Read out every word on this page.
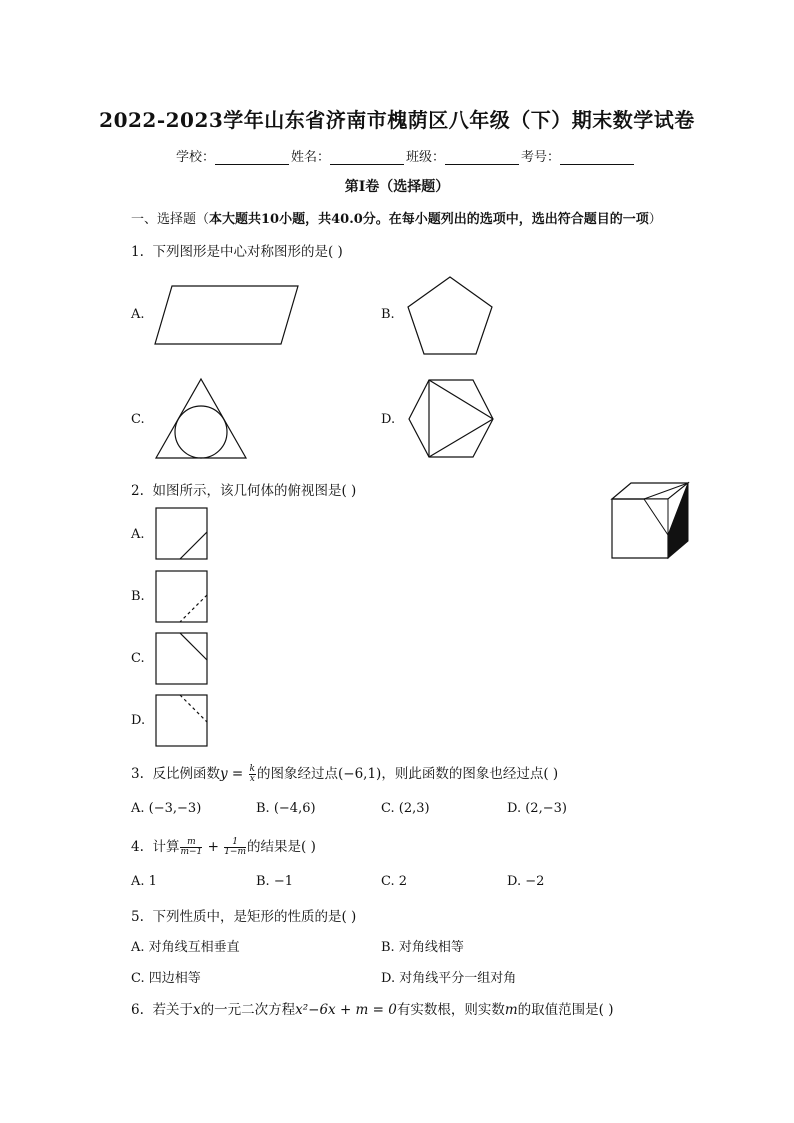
2022-2023学年山东省济南市槐荫区八年级（下）期末数学试卷
学校：	姓名：	班级：	考号：
第Ⅰ卷（选择题）
一、选择题（本大题共10小题，共40.0分。在每小题列出的选项中，选出符合题目的一项）
1. 下列图形是中心对称图形的是( )
A.	B.
C.	D.
2. 如图所示，该几何体的俯视图是( )
A.
B.
C.
D.
3. 反比例函数$y = \frac{k}{x}$ 的图象经过点(−6,1)，则此函数的图象也经过点( )
A. (−3,−3)	B. (−4,6)	C. (2,3)	D. (2,−3)
4. 计算 $\frac{m}{m-1} + \frac{1}{1-m}$ 的结果是( )
A. 1	B. −1	C. 2	D. −2
5. 下列性质中，是矩形的性质的是( )
A. 对角线互相垂直	B. 对角线相等
C. 四边相等	D. 对角线平分一组对角
6. 若关于x的一元二次方程x²−6x + m = 0有实数根，则实数m的取值范围是( )
